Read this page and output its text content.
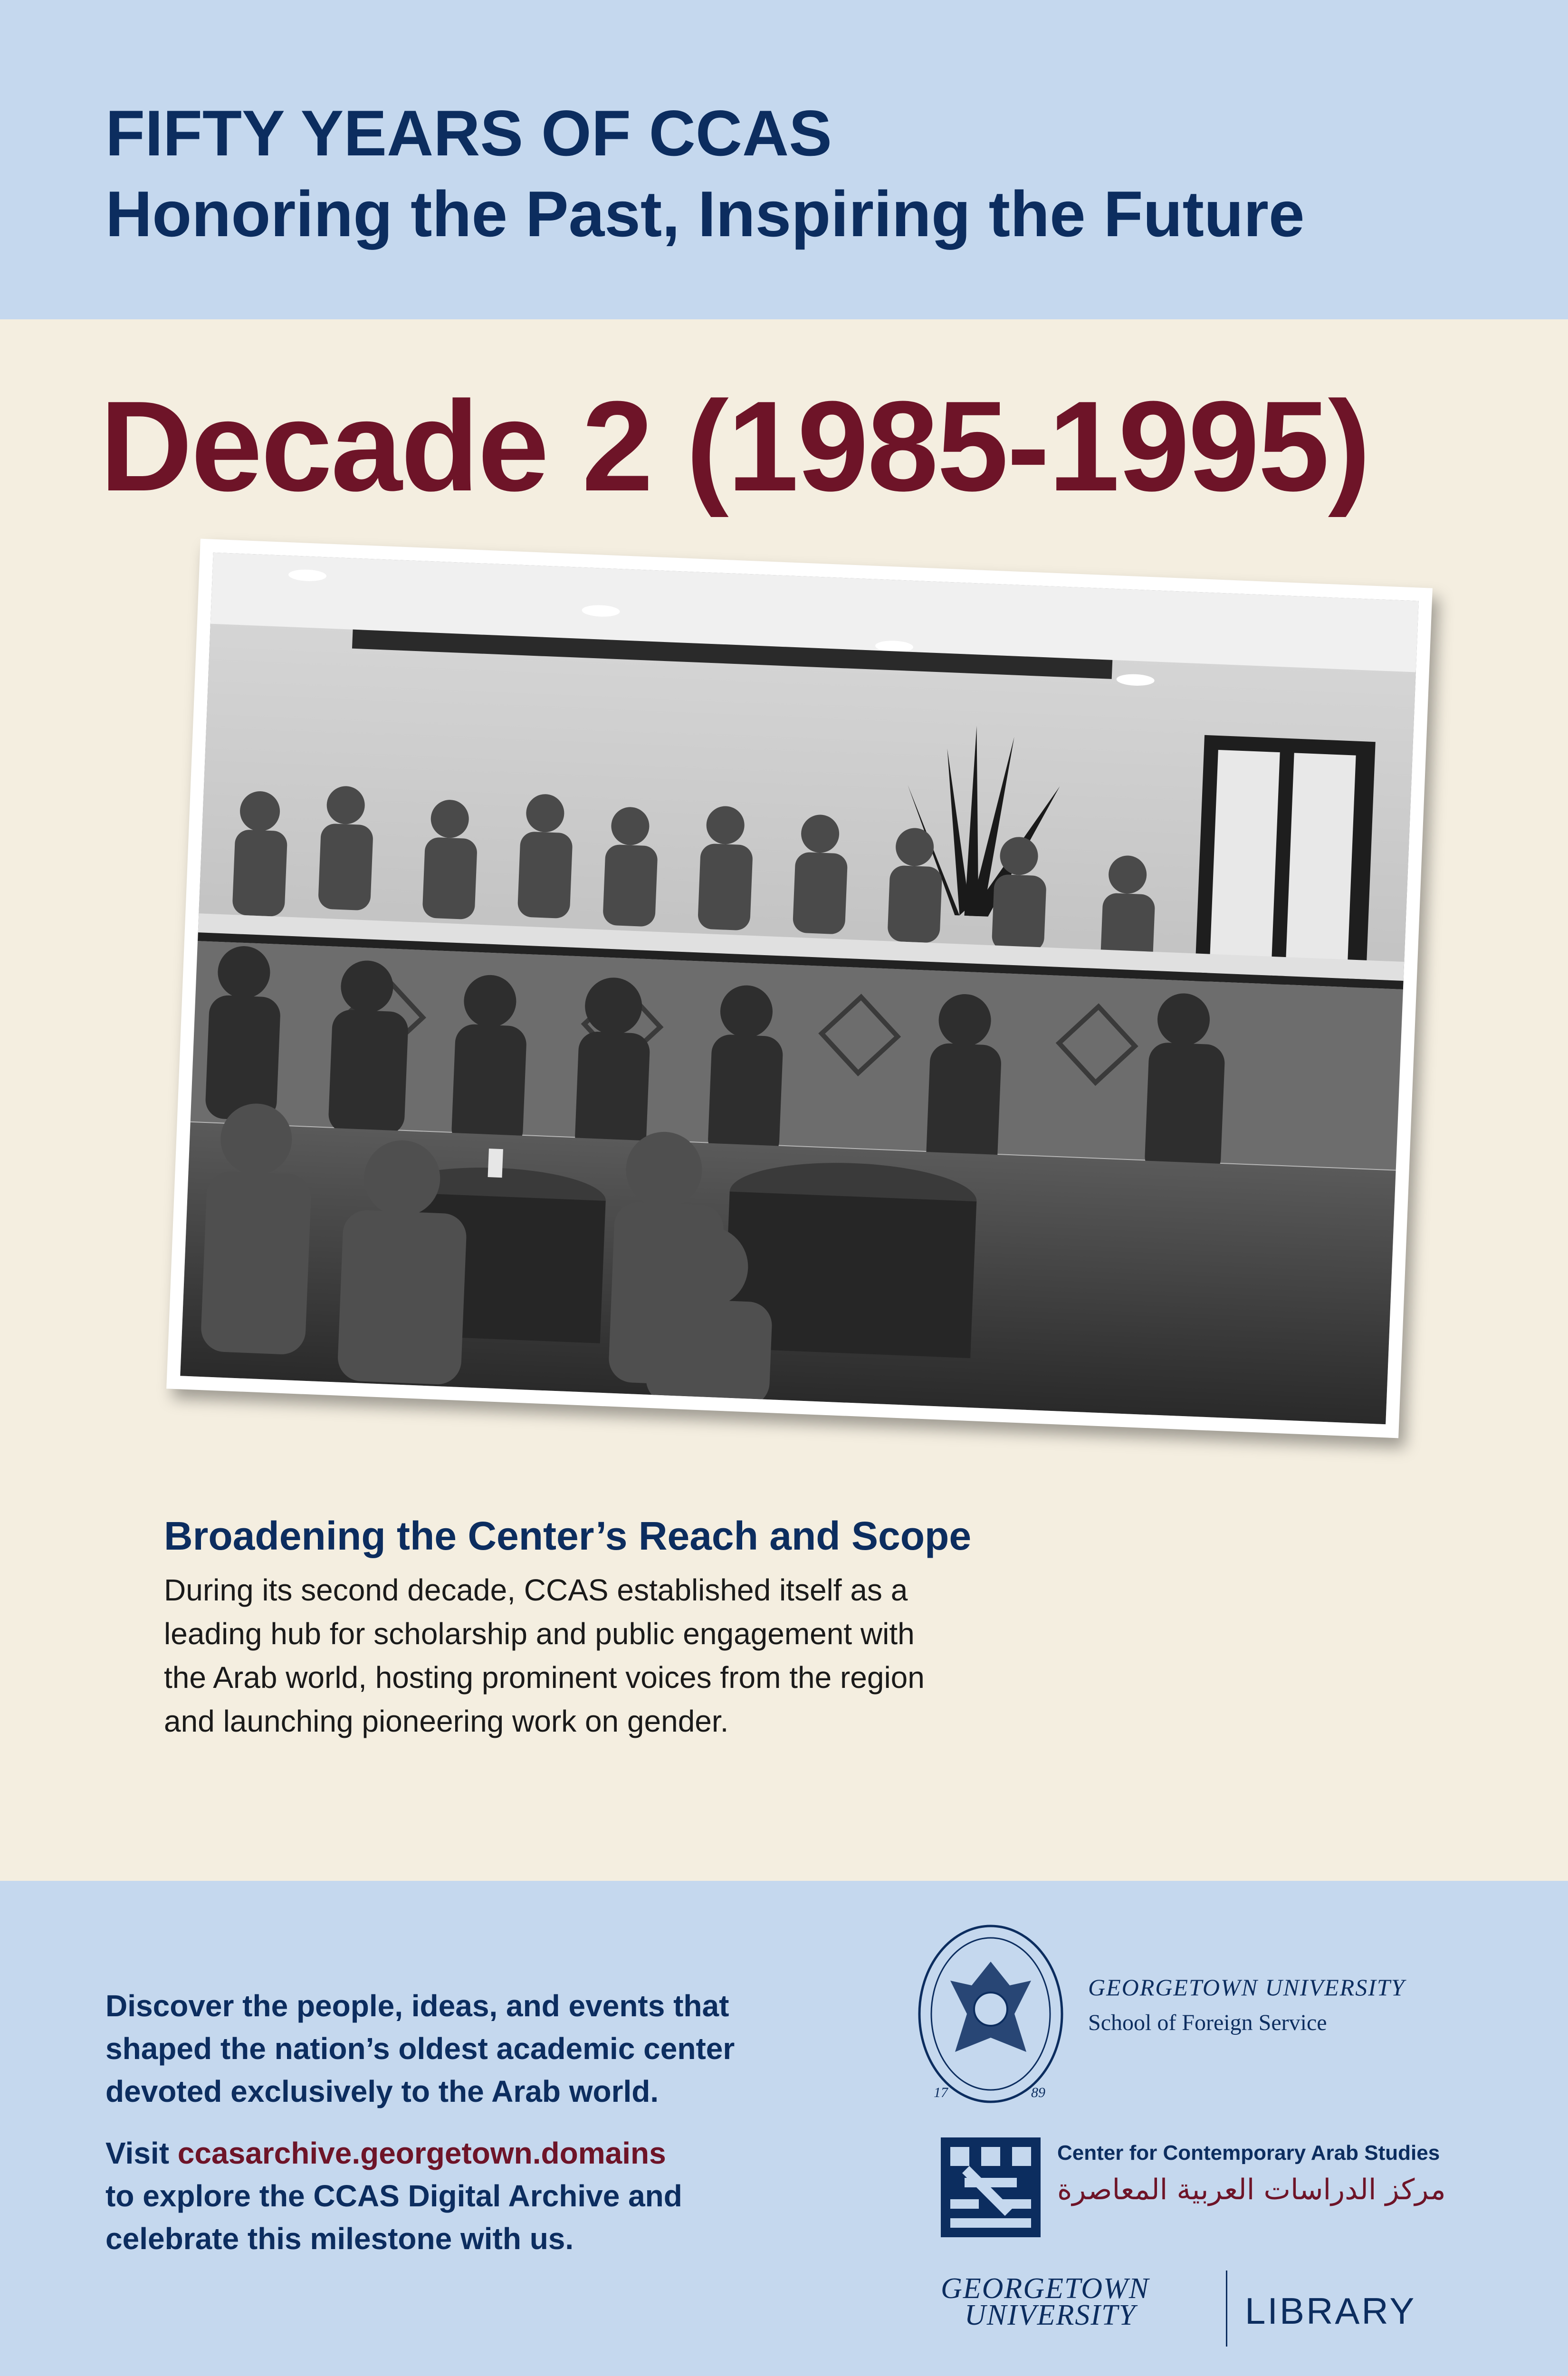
FIFTY YEARS OF CCAS
Honoring the Past, Inspiring the Future
Decade 2 (1985-1995)
Broadening the Center’s Reach and Scope
During its second decade, CCAS established itself as a
leading hub for scholarship and public engagement with
the Arab world, hosting prominent voices from the region
and launching pioneering work on gender.
Discover the people, ideas, and events that
shaped the nation’s oldest academic center
devoted exclusively to the Arab world.
Visit ccasarchive.georgetown.domains
to explore the CCAS Digital Archive and
celebrate this milestone with us.
17	89
GEORGETOWN UNIVERSITY
School of Foreign Service
Center for Contemporary Arab Studies
مركز الدراسات العربية المعاصرة
GEORGETOWN
UNIVERSITY	LIBRARY
